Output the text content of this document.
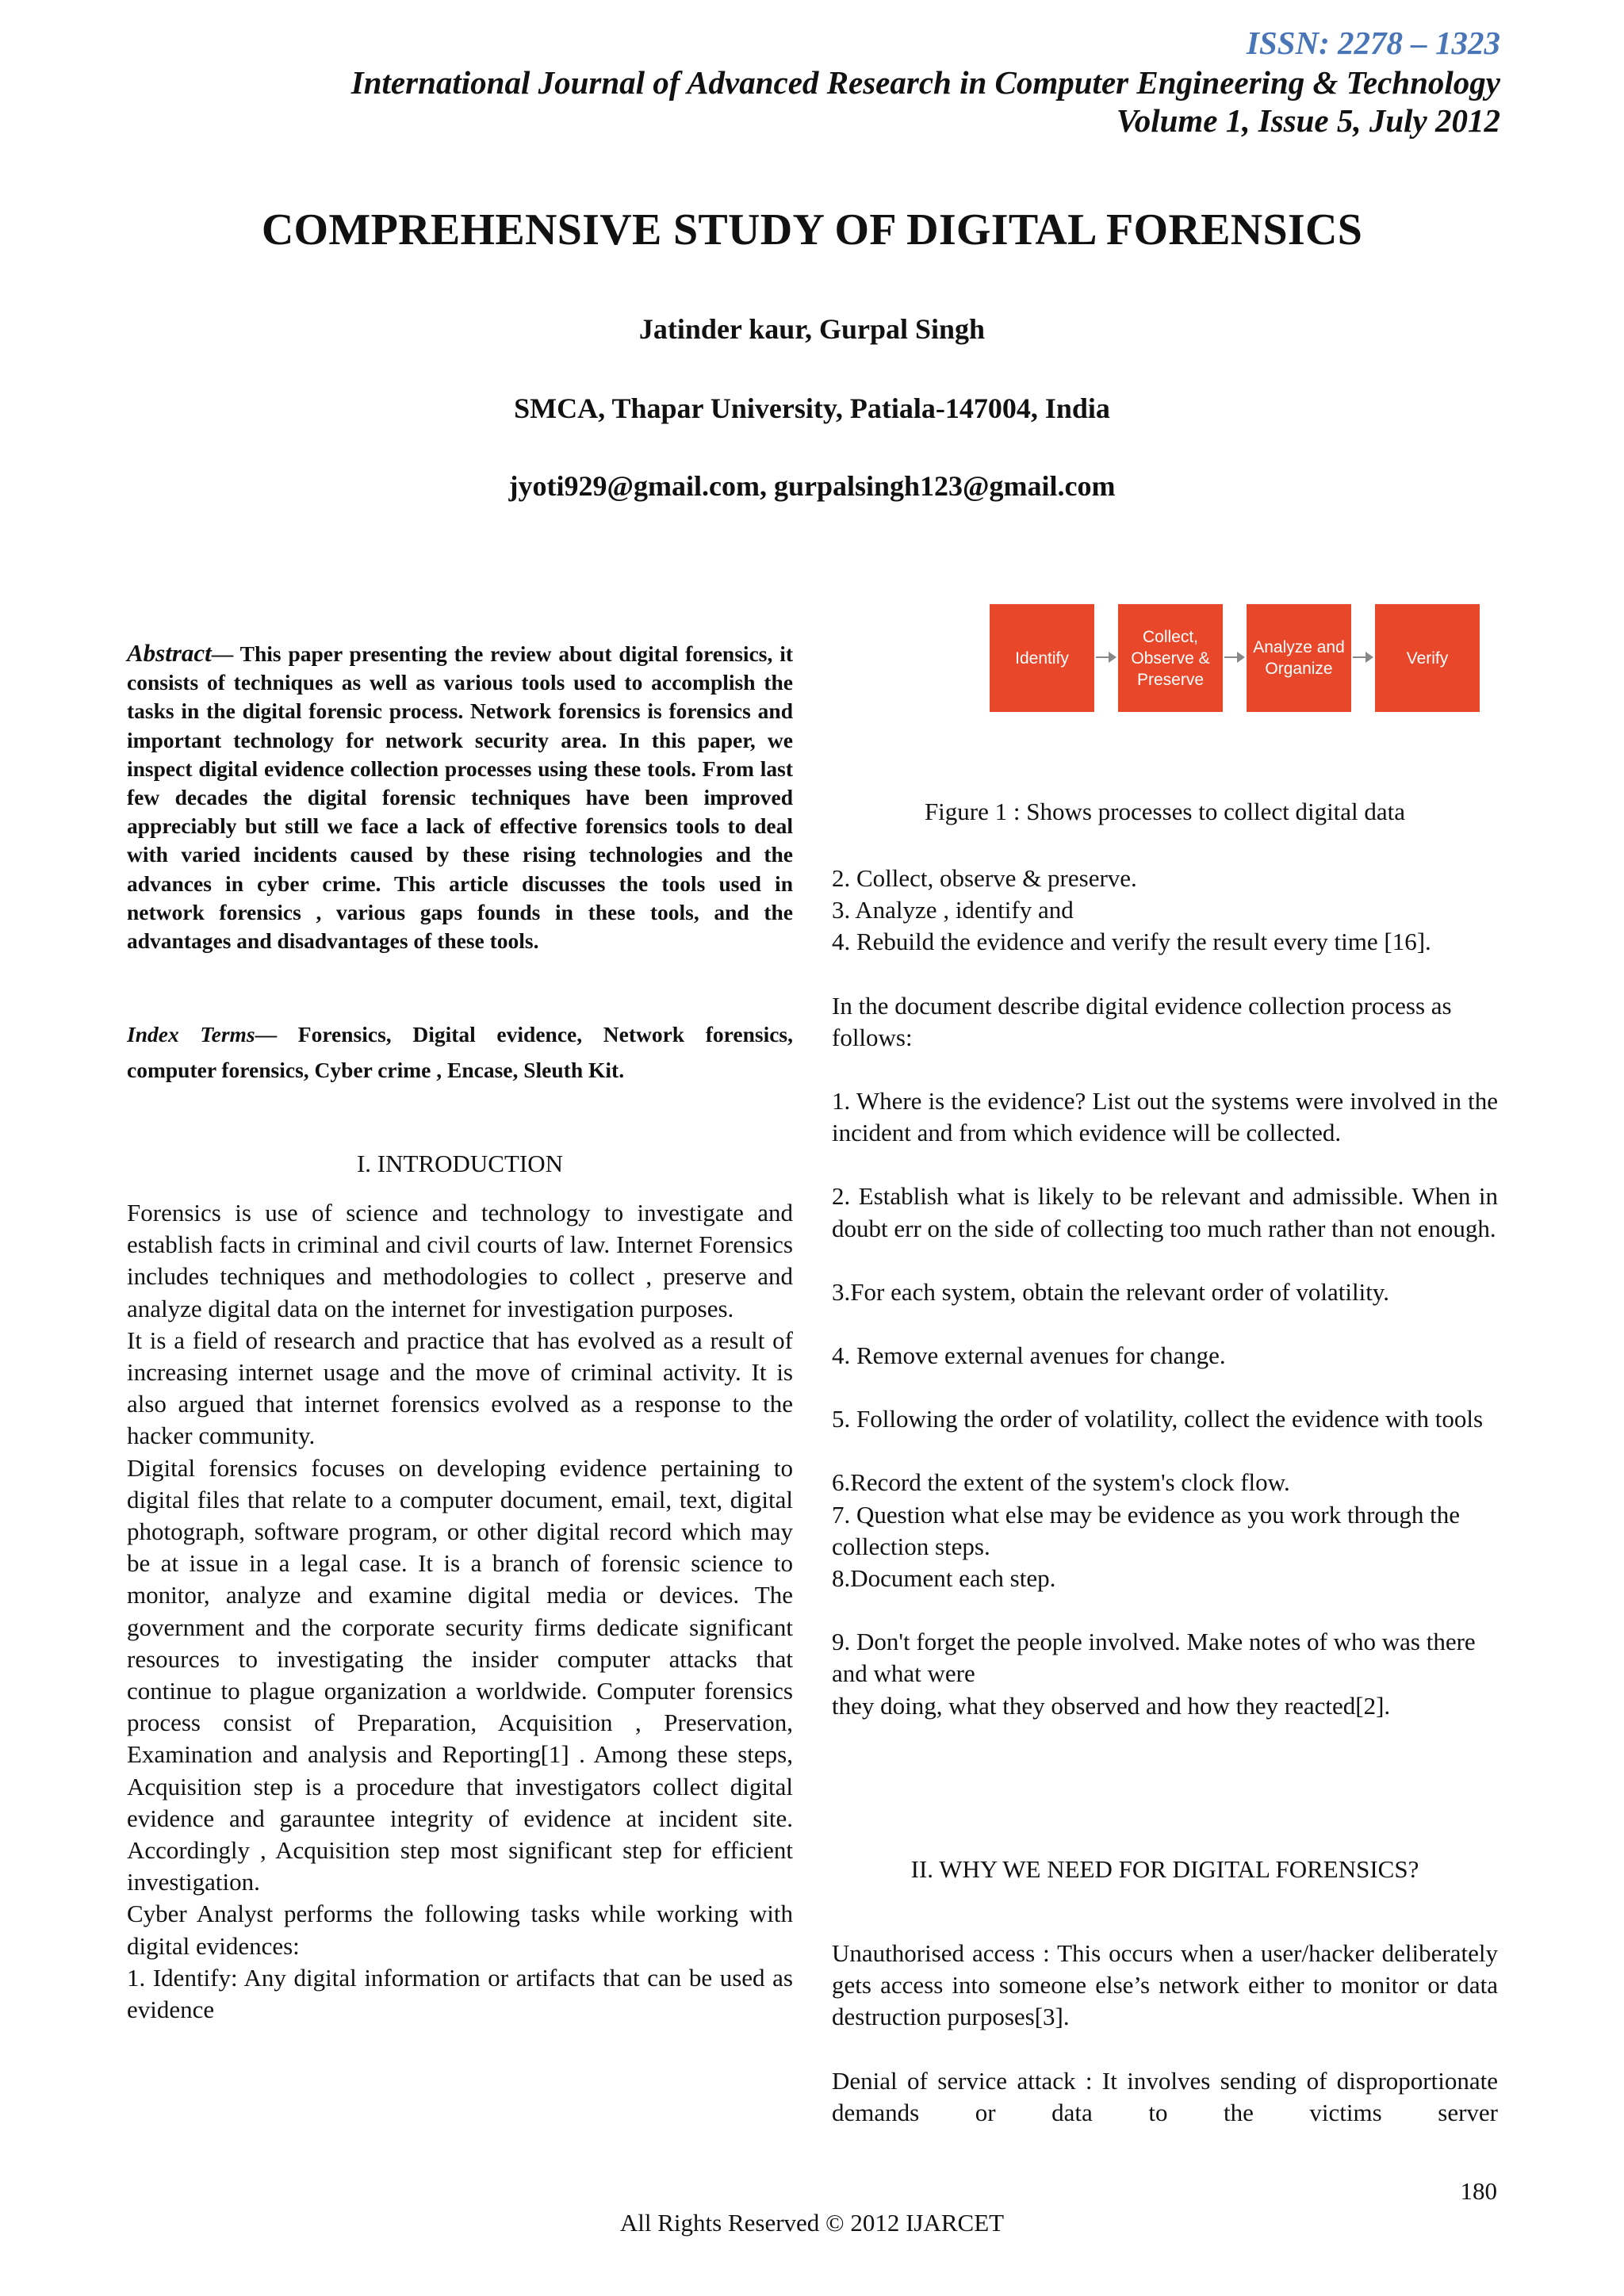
ISSN: 2278 – 1323
International Journal of Advanced Research in Computer Engineering & Technology
Volume 1, Issue 5, July 2012
COMPREHENSIVE STUDY OF DIGITAL FORENSICS
Jatinder kaur, Gurpal Singh
SMCA, Thapar University, Patiala-147004, India
jyoti929@gmail.com, gurpalsingh123@gmail.com
Abstract— This paper presenting the review about digital forensics, it consists of techniques as well as various tools used to accomplish the tasks in the digital forensic process. Network forensics is forensics and important technology for network security area. In this paper, we inspect digital evidence collection processes using these tools. From last few decades the digital forensic techniques have been improved appreciably but still we face a lack of effective forensics tools to deal with varied incidents caused by these rising technologies and the advances in cyber crime. This article discusses the tools used in network forensics , various gaps founds in these tools, and the advantages and disadvantages of these tools.
Index Terms— Forensics, Digital evidence, Network forensics, computer forensics, Cyber crime , Encase, Sleuth Kit.
I. INTRODUCTION

Forensics is use of science and technology to investigate and establish facts in criminal and civil courts of law. Internet Forensics includes techniques and methodologies to collect , preserve and analyze digital data on the internet for investigation purposes.

It is a field of research and practice that has evolved as a result of increasing internet usage and the move of criminal activity. It is also argued that internet forensics evolved as a response to the hacker community.

Digital forensics focuses on developing evidence pertaining to digital files that relate to a computer document, email, text, digital photograph, software program, or other digital record which may be at issue in a legal case. It is a branch of forensic science to monitor, analyze and examine digital media or devices. The government and the corporate security firms dedicate significant resources to investigating the insider computer attacks that continue to plague organization a worldwide. Computer forensics process consist of Preparation, Acquisition , Preservation, Examination and analysis and Reporting[1] . Among these steps, Acquisition step is a procedure that investigators collect digital evidence and garauntee integrity of evidence at incident site. Accordingly , Acquisition step most significant step for efficient investigation.

Cyber Analyst performs the following tasks while working with digital evidences:

1. Identify: Any digital information or artifacts that can be used as evidence

Identify
Collect, Observe & Preserve
Analyze and Organize
Verify
Figure 1 : Shows processes to collect digital data

2. Collect, observe & preserve.

3. Analyze , identify and

4. Rebuild the evidence and verify the result every time [16].

In the document describe digital evidence collection process as follows:

1. Where is the evidence? List out the systems were involved in the incident and from which evidence will be collected.

2. Establish what is likely to be relevant and admissible. When in doubt err on the side of collecting too much rather than not enough.

3.For each system, obtain the relevant order of volatility.

4. Remove external avenues for change.

5. Following the order of volatility, collect the evidence with tools

6.Record the extent of the system's clock flow.

7. Question what else may be evidence as you work through the collection steps.

8.Document each step.

9. Don't forget the people involved. Make notes of who was there and what were

they doing, what they observed and how they reacted[2].

II. WHY WE NEED FOR DIGITAL FORENSICS?

Unauthorised access : This occurs when a user/hacker deliberately gets access into someone else’s network either to monitor or data destruction purposes[3].

Denial of service attack : It involves sending of disproportionate demands or data to the victims server

180
All Rights Reserved © 2012 IJARCET
